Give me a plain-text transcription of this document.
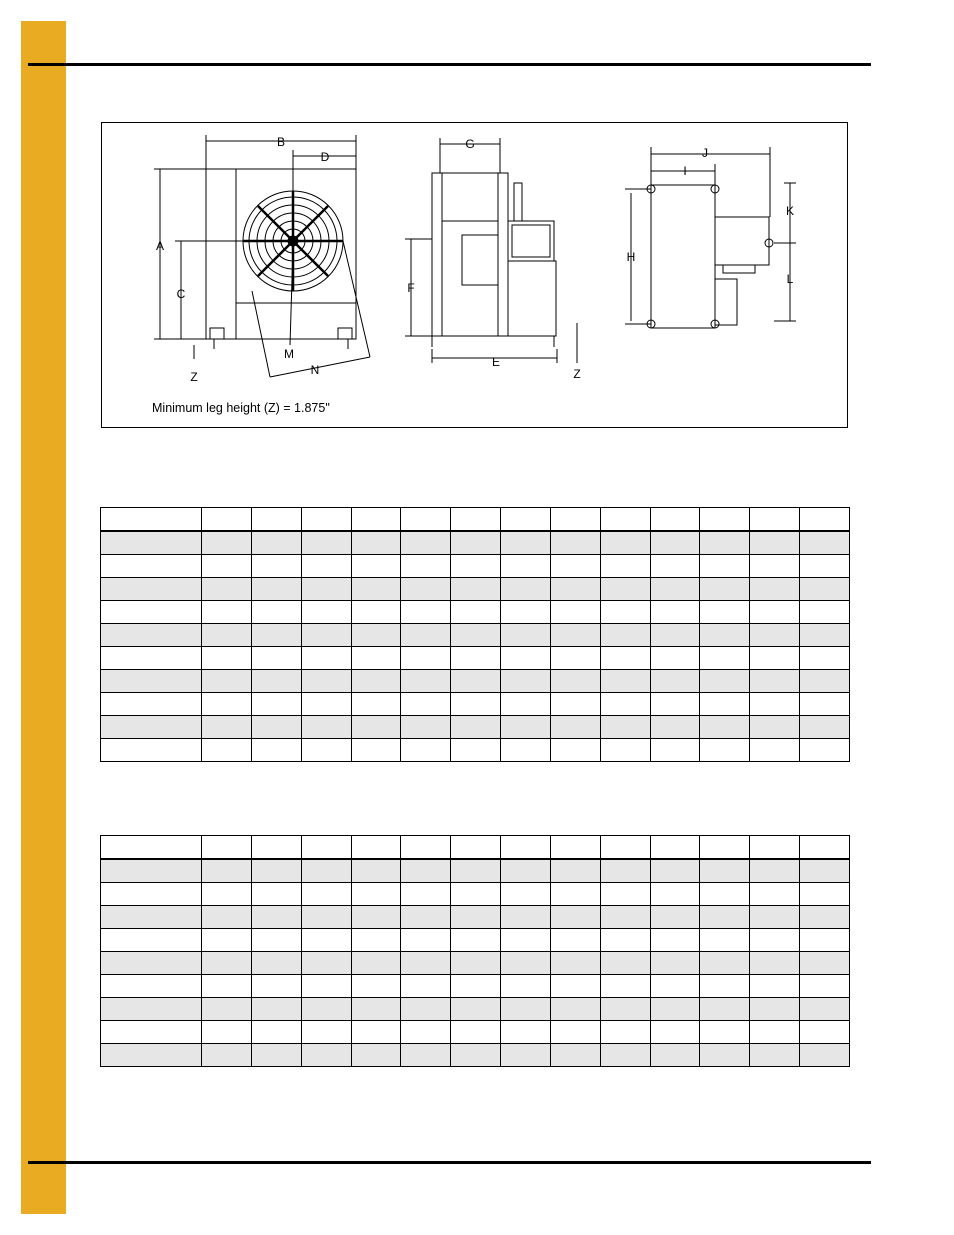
B
D
A
C
Z
M
N
G
F
E
Z
J
I
H
K
L
Minimum leg height (Z) = 1.875"
